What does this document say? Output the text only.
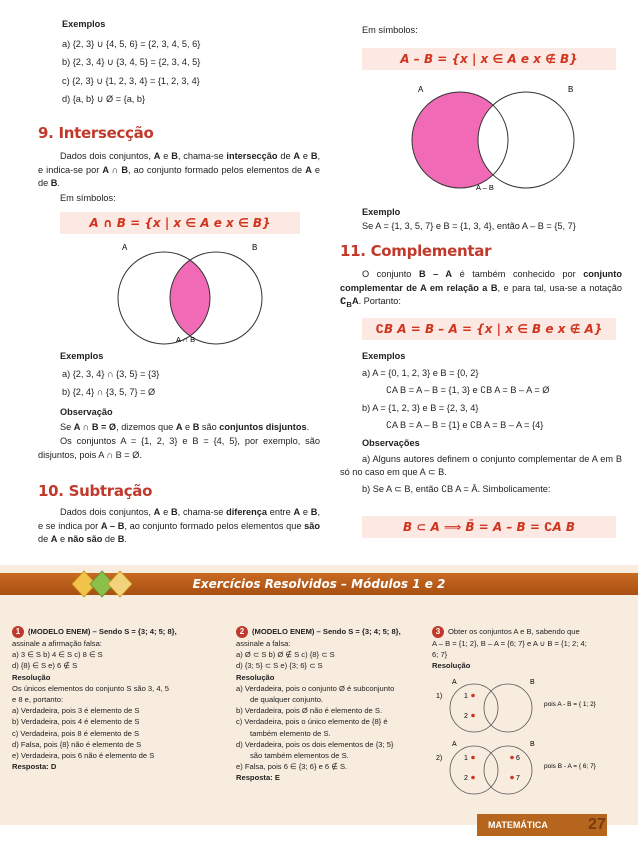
Exemplos
a) {2, 3} ∪ {4, 5, 6} = {2, 3, 4, 5, 6}
b) {2, 3, 4} ∪ {3, 4, 5} = {2, 3, 4, 5}
c) {2, 3} ∪ {1, 2, 3, 4} = {1, 2, 3, 4}
d) {a, b} ∪ Ø = {a, b}
9. Intersecção
Dados dois conjuntos, A e B, chama-se intersecção de A e B, e indica-se por A ∩ B, ao conjunto formado pelos elementos de A e de B.
Em símbolos:
A ∩ B = {x | x ∈ A e x ∈ B}
A	B
A ∩ B
Exemplos
a) {2, 3, 4} ∩ {3, 5} = {3}
b) {2, 4} ∩ {3, 5, 7} = Ø
Observação
Se A ∩ B = Ø, dizemos que A e B são conjuntos disjuntos.
Os conjuntos A = {1, 2, 3} e B = {4, 5}, por exemplo, são disjuntos, pois A ∩ B = Ø.
10. Subtração
Dados dois conjuntos, A e B, chama-se diferença entre A e B, e se indica por A – B, ao conjunto formado pelos elementos que são de A e não são de B.
Em símbolos:
A – B = {x | x ∈ A e x ∉ B}
A	B
A – B
Exemplo
Se A = {1, 3, 5, 7} e B = {1, 3, 4}, então A – B = {5, 7}
11. Complementar
O conjunto B – A é também conhecido por conjunto complementar de A em relação a B, e para tal, usa-se a notação $∁_BA$. Portanto:
∁B A = B – A = {x | x ∈ B e x ∉ A}
Exemplos
a) A = {0, 1, 2, 3} e B = {0, 2}
∁A B = A – B = {1, 3} e ∁B A = B – A = Ø
b) A = {1, 2, 3} e B = {2, 3, 4}
∁A B = A – B = {1} e ∁B A = B – A = {4}
Observações
a) Alguns autores definem o conjunto complementar de A em B só no caso em que A ⊂ B.
b) Se A ⊂ B, então ∁B A = Ā. Simbolicamente:
B ⊂ A ⟹ B̄ = A – B = ∁A B
Exercícios Resolvidos – Módulos 1 e 2
1 (MODELO ENEM) – Sendo S = {3; 4; 5; 8},
assinale a afirmação falsa:
a) 3 ∈ S b) 4 ∈ S c) 8 ∈ S
d) {8} ∈ S e) 6 ∉ S
Resolução
Os únicos elementos do conjunto S são 3, 4, 5
e 8 e, portanto:
a) Verdadeira, pois 3 é elemento de S
b) Verdadeira, pois 4 é elemento de S
c) Verdadeira, pois 8 é elemento de S
d) Falsa, pois {8} não é elemento de S
e) Verdadeira, pois 6 não é elemento de S
Resposta: D
2 (MODELO ENEM) – Sendo S = {3; 4; 5; 8},
assinale a falsa:
a) Ø ⊂ S b) Ø ∉ S c) {8} ⊂ S
d) {3; 5} ⊂ S e) {3; 6} ⊂ S
Resolução
a) Verdadeira, pois o conjunto Ø é subconjunto
de qualquer conjunto.
b) Verdadeira, pois Ø não é elemento de S.
c) Verdadeira, pois o único elemento de {8} é
também elemento de S.
d) Verdadeira, pois os dois elementos de {3; 5}
são também elementos de S.
e) Falsa, pois 6 ∈ {3; 6} e 6 ∉ S.
Resposta: E
3 Obter os conjuntos A e B, sabendo que
A – B = {1; 2}, B – A = {6; 7} e A ∪ B = {1; 2; 4;
6; 7}
Resolução
1)
A	B
1
2
pois A - B = { 1; 2}
2)
A	B
1
2
6
7
pois B - A = { 6; 7}
MATEMÁTICA	27
